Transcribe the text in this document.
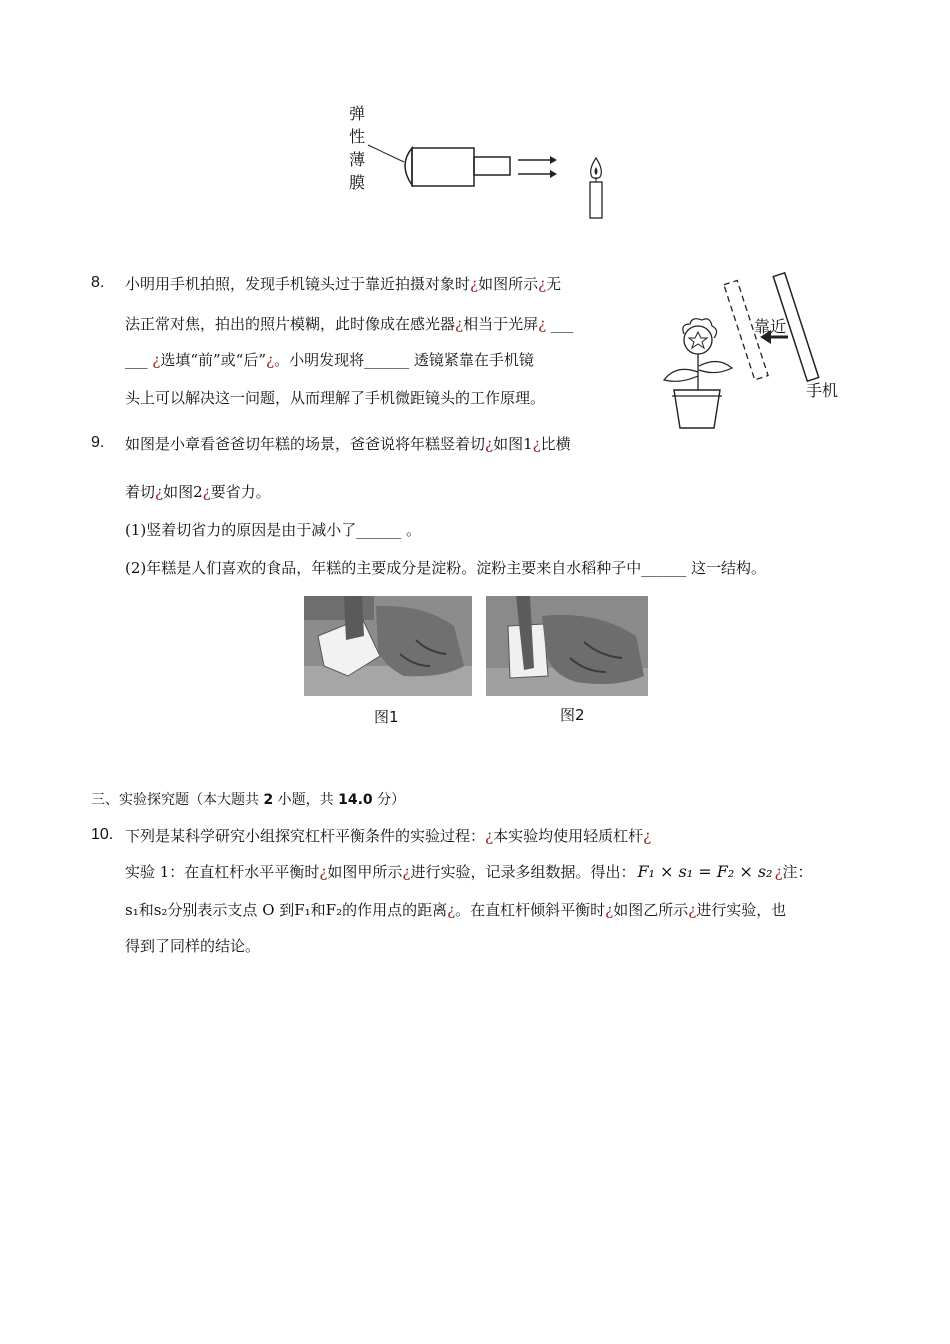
弹
性
薄
膜
8. 小明用手机拍照，发现手机镜头过于靠近拍摄对象时¿如图所示¿无
法正常对焦，拍出的照片模糊，此时像成在感光器¿相当于光屏¿ ___
___ ¿选填“前”或“后”¿。小明发现将______ 透镜紧靠在手机镜
头上可以解决这一问题，从而理解了手机微距镜头的工作原理。
靠近
手机
9. 如图是小章看爸爸切年糕的场景，爸爸说将年糕竖着切¿如图1¿比横
着切¿如图2¿要省力。
(1)竖着切省力的原因是由于减小了______ 。
(2)年糕是人们喜欢的食品，年糕的主要成分是淀粉。淀粉主要来自水稻种子中______ 这一结构。
图1	图2
三、实验探究题（本大题共 2 小题，共 14.0 分）
10. 下列是某科学研究小组探究杠杆平衡条件的实验过程：¿本实验均使用轻质杠杆¿
实验 1：在直杠杆水平平衡时¿如图甲所示¿进行实验，记录多组数据。得出： F₁ × s₁ = F₂ × s₂ ¿注：
s₁和s₂分别表示支点 O 到F₁和F₂的作用点的距离¿。在直杠杆倾斜平衡时¿如图乙所示¿进行实验，也
得到了同样的结论。
